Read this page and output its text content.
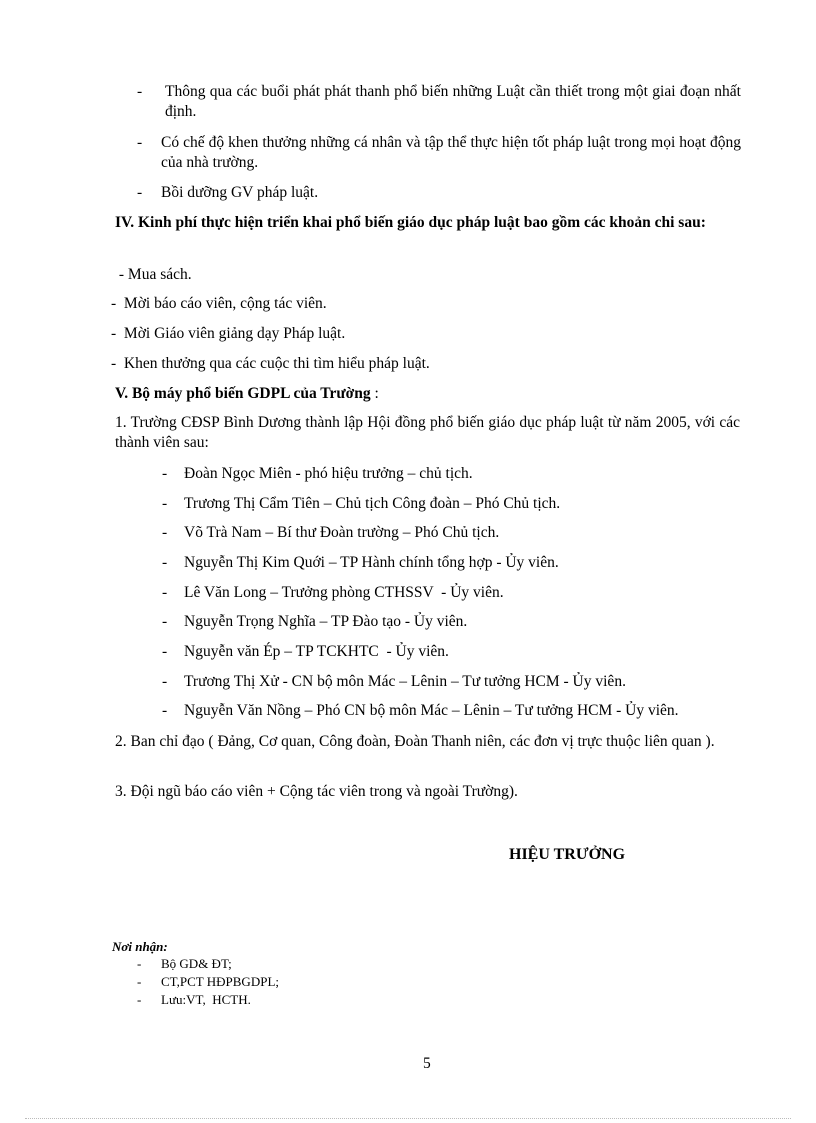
-	Thông qua các buổi phát phát thanh phổ biến những Luật cần thiết trong một giai đoạn nhất định.
-	Có chế độ khen thưởng những cá nhân và tập thể thực hiện tốt pháp luật trong mọi hoạt động của nhà trường.
-	Bồi dưỡng GV pháp luật.
IV. Kinh phí thực hiện triển khai phổ biến giáo dục pháp luật bao gồm các khoản chi sau:
- Mua sách.
-  Mời báo cáo viên, cộng tác viên.
-  Mời Giáo viên giảng dạy Pháp luật.
-  Khen thưởng qua các cuộc thi tìm hiểu pháp luật.
V. Bộ máy phổ biến GDPL của Trường :
1. Trường CĐSP Bình Dương thành lập Hội đồng phổ biến giáo dục pháp luật từ năm 2005, với các thành viên sau:
-	Đoàn Ngọc Miên - phó hiệu trưởng – chủ tịch.
-	Trương Thị Cẩm Tiên – Chủ tịch Công đoàn – Phó Chủ tịch.
-	Võ Trà Nam – Bí thư Đoàn trường – Phó Chủ tịch.
-	Nguyễn Thị Kim Quới – TP Hành chính tổng hợp - Ủy viên.
-	Lê Văn Long – Trưởng phòng CTHSSV  - Ủy viên.
-	Nguyễn Trọng Nghĩa – TP Đào tạo - Ủy viên.
-	Nguyễn văn Ép – TP TCKHTC  - Ủy viên.
-	Trương Thị Xử - CN bộ môn Mác – Lênin – Tư tưởng HCM - Ủy viên.
-	Nguyễn Văn Nồng – Phó CN bộ môn Mác – Lênin – Tư tưởng HCM - Ủy viên.
2. Ban chỉ đạo ( Đảng, Cơ quan, Công đoàn, Đoàn Thanh niên, các đơn vị trực thuộc liên quan ).
3. Đội ngũ báo cáo viên + Cộng tác viên trong và ngoài Trường).
HIỆU TRƯỞNG
Nơi nhận:
-	Bộ GD& ĐT;
-	CT,PCT HĐPBGDPL;
-	Lưu:VT,  HCTH.
5
